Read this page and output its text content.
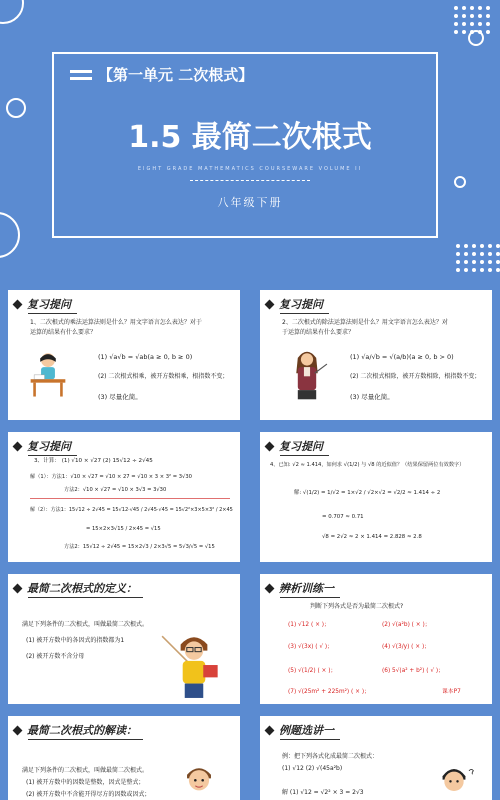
【第一单元 二次根式】
1.5 最简二次根式
EIGHT GRADE MATHEMATICS COURSEWARE VOLUME II
八年级下册
复习提问
1、二次根式的乘法运算法则是什么？用文字语言怎么表达？对于
运算的结果有什么要求？
(1) √a√b = √ab(a ≥ 0, b ≥ 0)
(2) 二次根式相乘，被开方数相乘，根指数不变；
(3) 尽量化简。
复习提问
2、二次根式的除法运算法则是什么？用文字语言怎么表达？对
于运算的结果有什么要求？
(1) √a/√b = √(a/b)(a ≥ 0, b > 0)
(2) 二次根式相除，被开方数相除，根指数不变；
(3) 尽量化简。
复习提问
3、计算： (1) √10 × √27 (2) 15√12 ÷ 2√45
解（1）：方法1：√10 × √27 = √10 × 27 = √10 × 3 × 3² = 3√30
方法2：√10 × √27 = √10 × 3√3 = 3√30
解（2）：方法1：15√12 ÷ 2√45 = 15√12·√45 / 2√45·√45 = 15√2²×3×5×3² / 2×45
= 15×2×3√15 / 2×45 = √15
方法2：15√12 ÷ 2√45 = 15×2√3 / 2×3√5 = 5√3/√5 = √15
复习提问
4、已知: √2 ≈ 1.414，如何求 √(1/2) 与 √8 的近似值？（结果保留两位有效数字）
解: √(1/2) = 1/√2 = 1×√2 / √2×√2 = √2/2 ≈ 1.414 ÷ 2
= 0.707 ≈ 0.71
√8 = 2√2 ≈ 2 × 1.414 = 2.828 ≈ 2.8
最简二次根式的定义：
满足下列条件的二次根式，叫做最简二次根式。
(1) 被开方数中的各因式的指数都为1
(2) 被开方数不含分母
辨析训练一
判断下列各式是否为最简二次根式?
(1) √12 ( × )；	(2) √(a²b) ( × )；
(3) √(3x) ( √ )；	(4) √(3/y) ( × )；
(5) √(1/2) ( × )；	(6) 5√(a² + b²) ( √ )；
(7) √(25m² + 225m²) ( × )；	课本P7
最简二次根式的解读：
满足下列条件的二次根式，叫做最简二次根式。
(1) 被开方数中的因数是整数，因式是整式；
(2) 被开方数中不含能开得尽方的因数或因式；
例题选讲一
例：把下列各式化成最简二次根式：
(1) √12 (2) √(45a²b)
解 (1) √12 = √2² × 3 = 2√3
